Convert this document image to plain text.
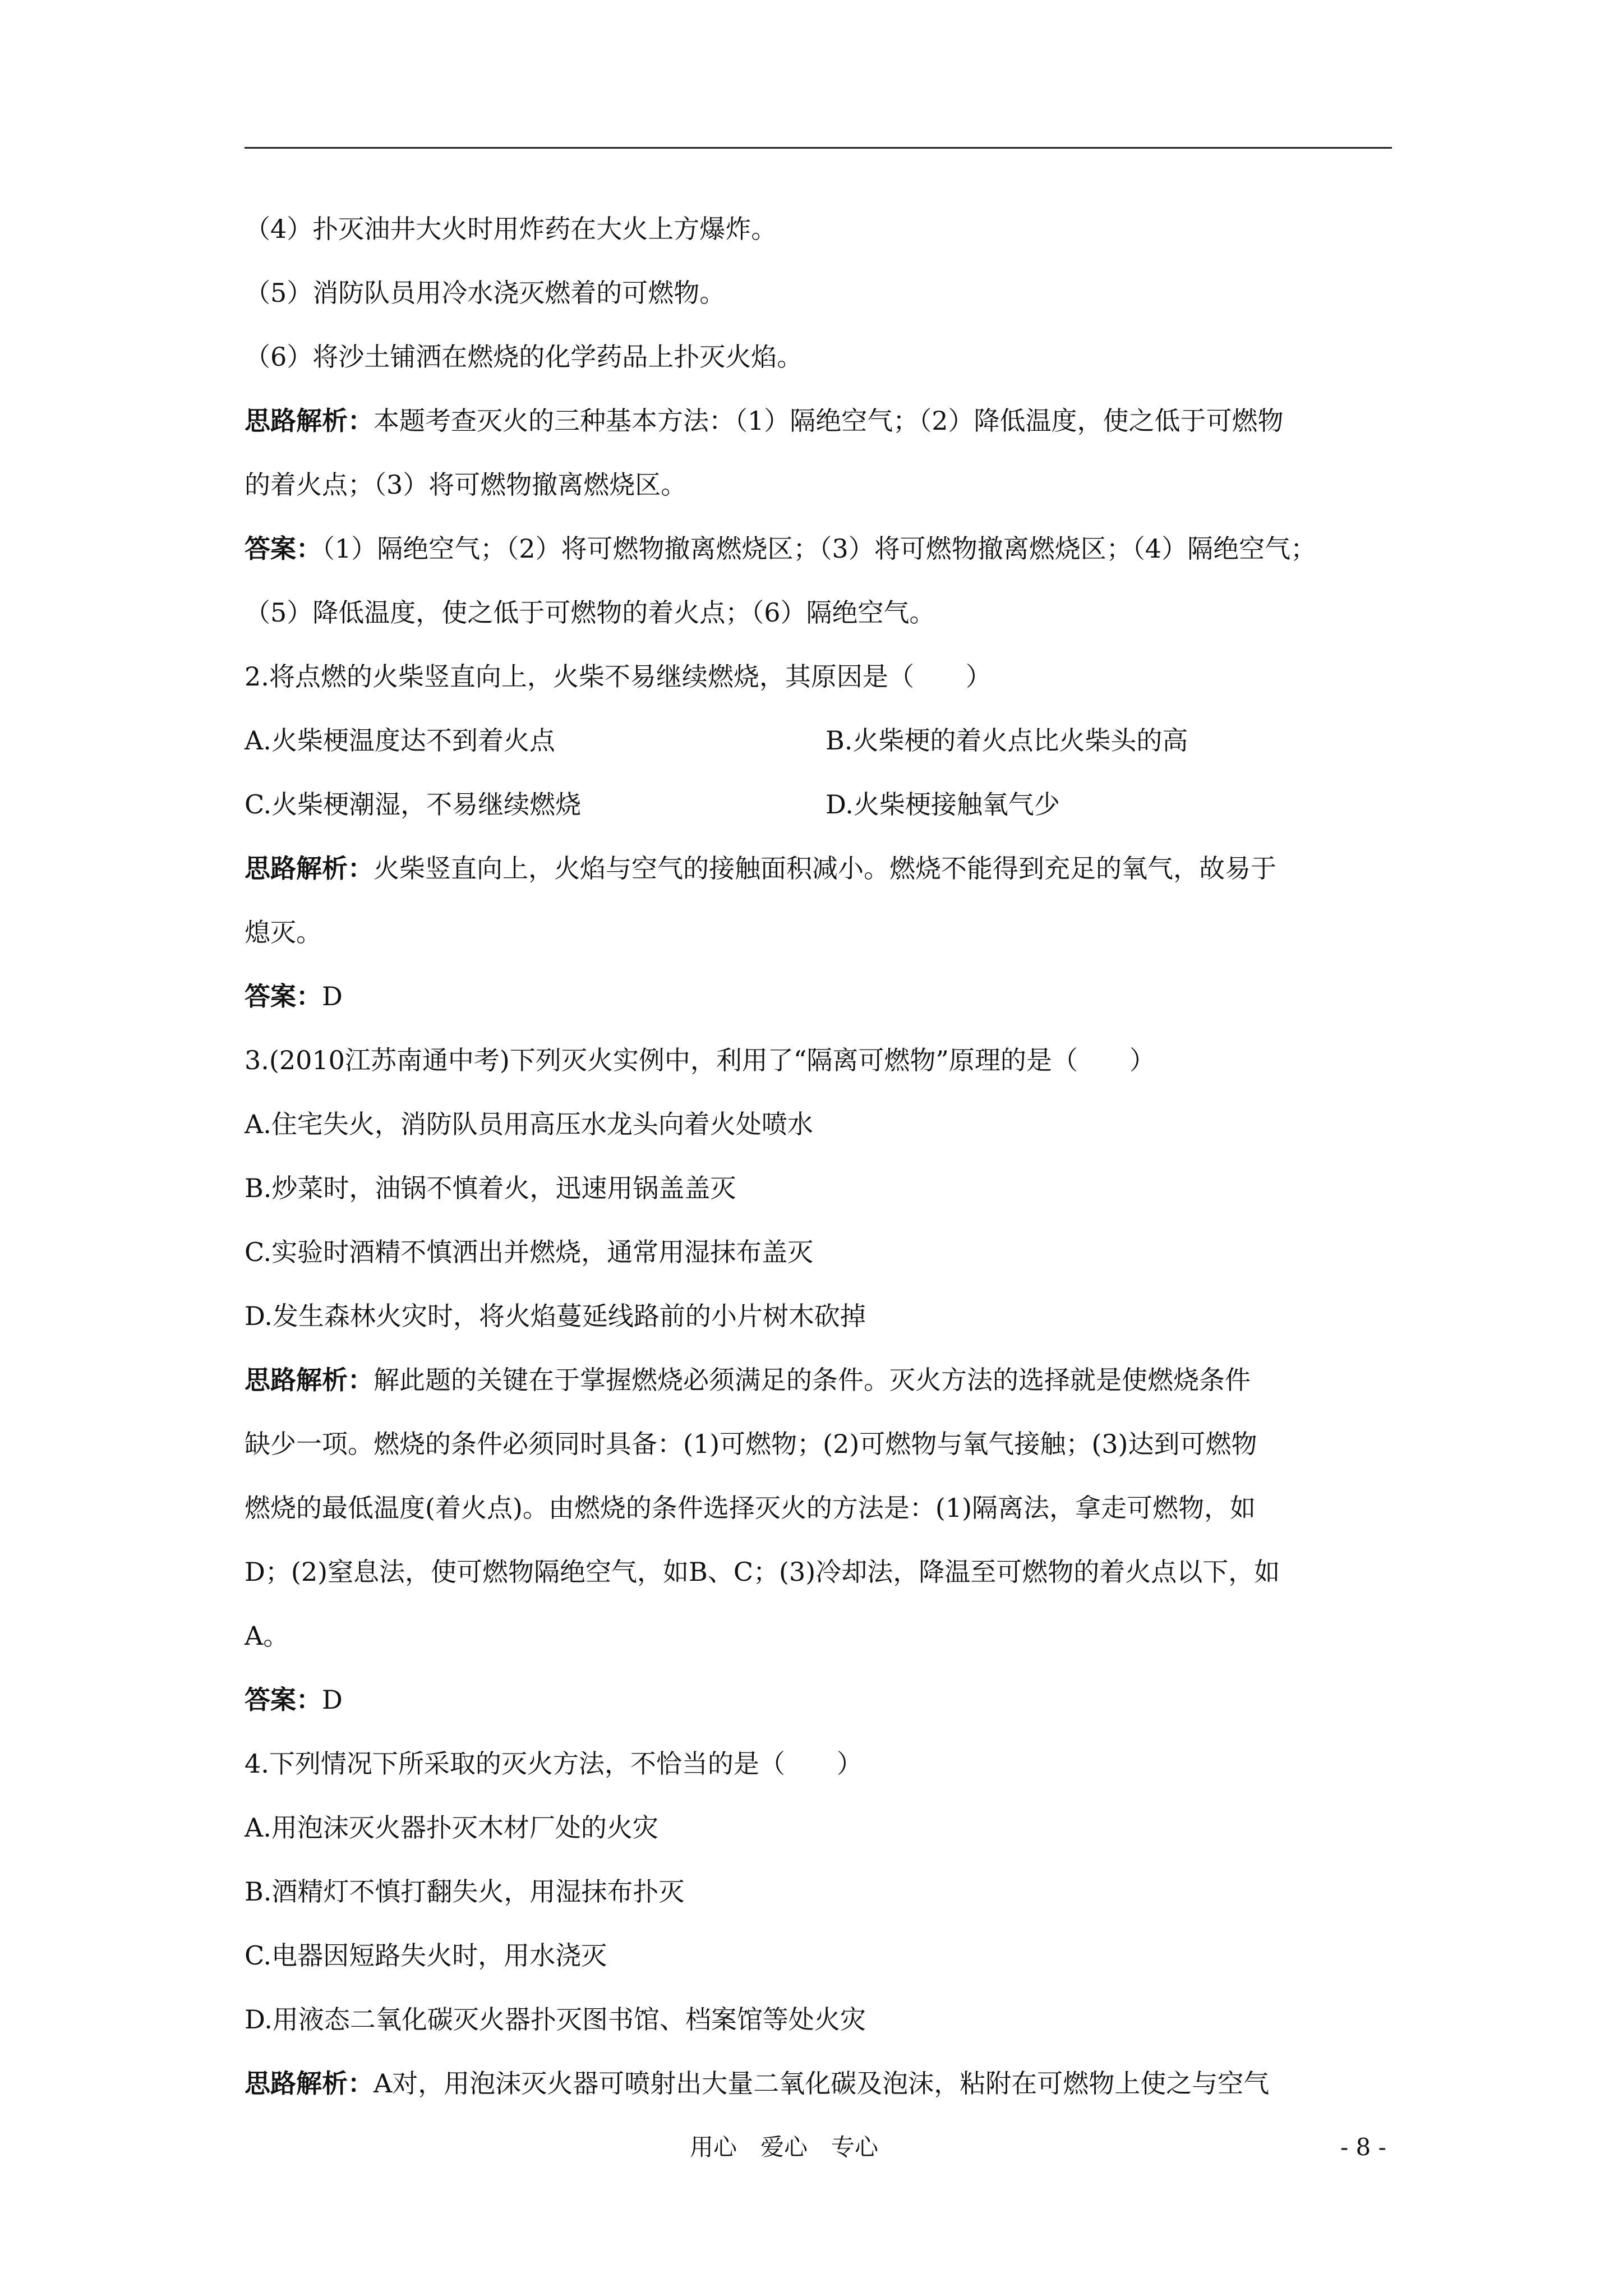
（4）扑灭油井大火时用炸药在大火上方爆炸。
（5）消防队员用冷水浇灭燃着的可燃物。
（6）将沙土铺洒在燃烧的化学药品上扑灭火焰。
思路解析：本题考查灭火的三种基本方法：（1）隔绝空气；（2）降低温度，使之低于可燃物
的着火点；（3）将可燃物撤离燃烧区。
答案：（1）隔绝空气；（2）将可燃物撤离燃烧区；（3）将可燃物撤离燃烧区；（4）隔绝空气；
（5）降低温度，使之低于可燃物的着火点；（6）隔绝空气。
2.将点燃的火柴竖直向上，火柴不易继续燃烧，其原因是（　　）
A.火柴梗温度达不到着火点	B.火柴梗的着火点比火柴头的高
C.火柴梗潮湿，不易继续燃烧	D.火柴梗接触氧气少
思路解析：火柴竖直向上，火焰与空气的接触面积减小。燃烧不能得到充足的氧气，故易于
熄灭。
答案：D
3.(2010江苏南通中考)下列灭火实例中，利用了“隔离可燃物”原理的是（　　）
A.住宅失火，消防队员用高压水龙头向着火处喷水
B.炒菜时，油锅不慎着火，迅速用锅盖盖灭
C.实验时酒精不慎洒出并燃烧，通常用湿抹布盖灭
D.发生森林火灾时，将火焰蔓延线路前的小片树木砍掉
思路解析：解此题的关键在于掌握燃烧必须满足的条件。灭火方法的选择就是使燃烧条件
缺少一项。燃烧的条件必须同时具备：(1)可燃物；(2)可燃物与氧气接触；(3)达到可燃物
燃烧的最低温度(着火点)。由燃烧的条件选择灭火的方法是：(1)隔离法，拿走可燃物，如
D；(2)窒息法，使可燃物隔绝空气，如B、C；(3)冷却法，降温至可燃物的着火点以下，如
A。
答案：D
4.下列情况下所采取的灭火方法，不恰当的是（　　）
A.用泡沫灭火器扑灭木材厂处的火灾
B.酒精灯不慎打翻失火，用湿抹布扑灭
C.电器因短路失火时，用水浇灭
D.用液态二氧化碳灭火器扑灭图书馆、档案馆等处火灾
思路解析：A对，用泡沫灭火器可喷射出大量二氧化碳及泡沫，粘附在可燃物上使之与空气
用心　爱心　专心	- 8 -
